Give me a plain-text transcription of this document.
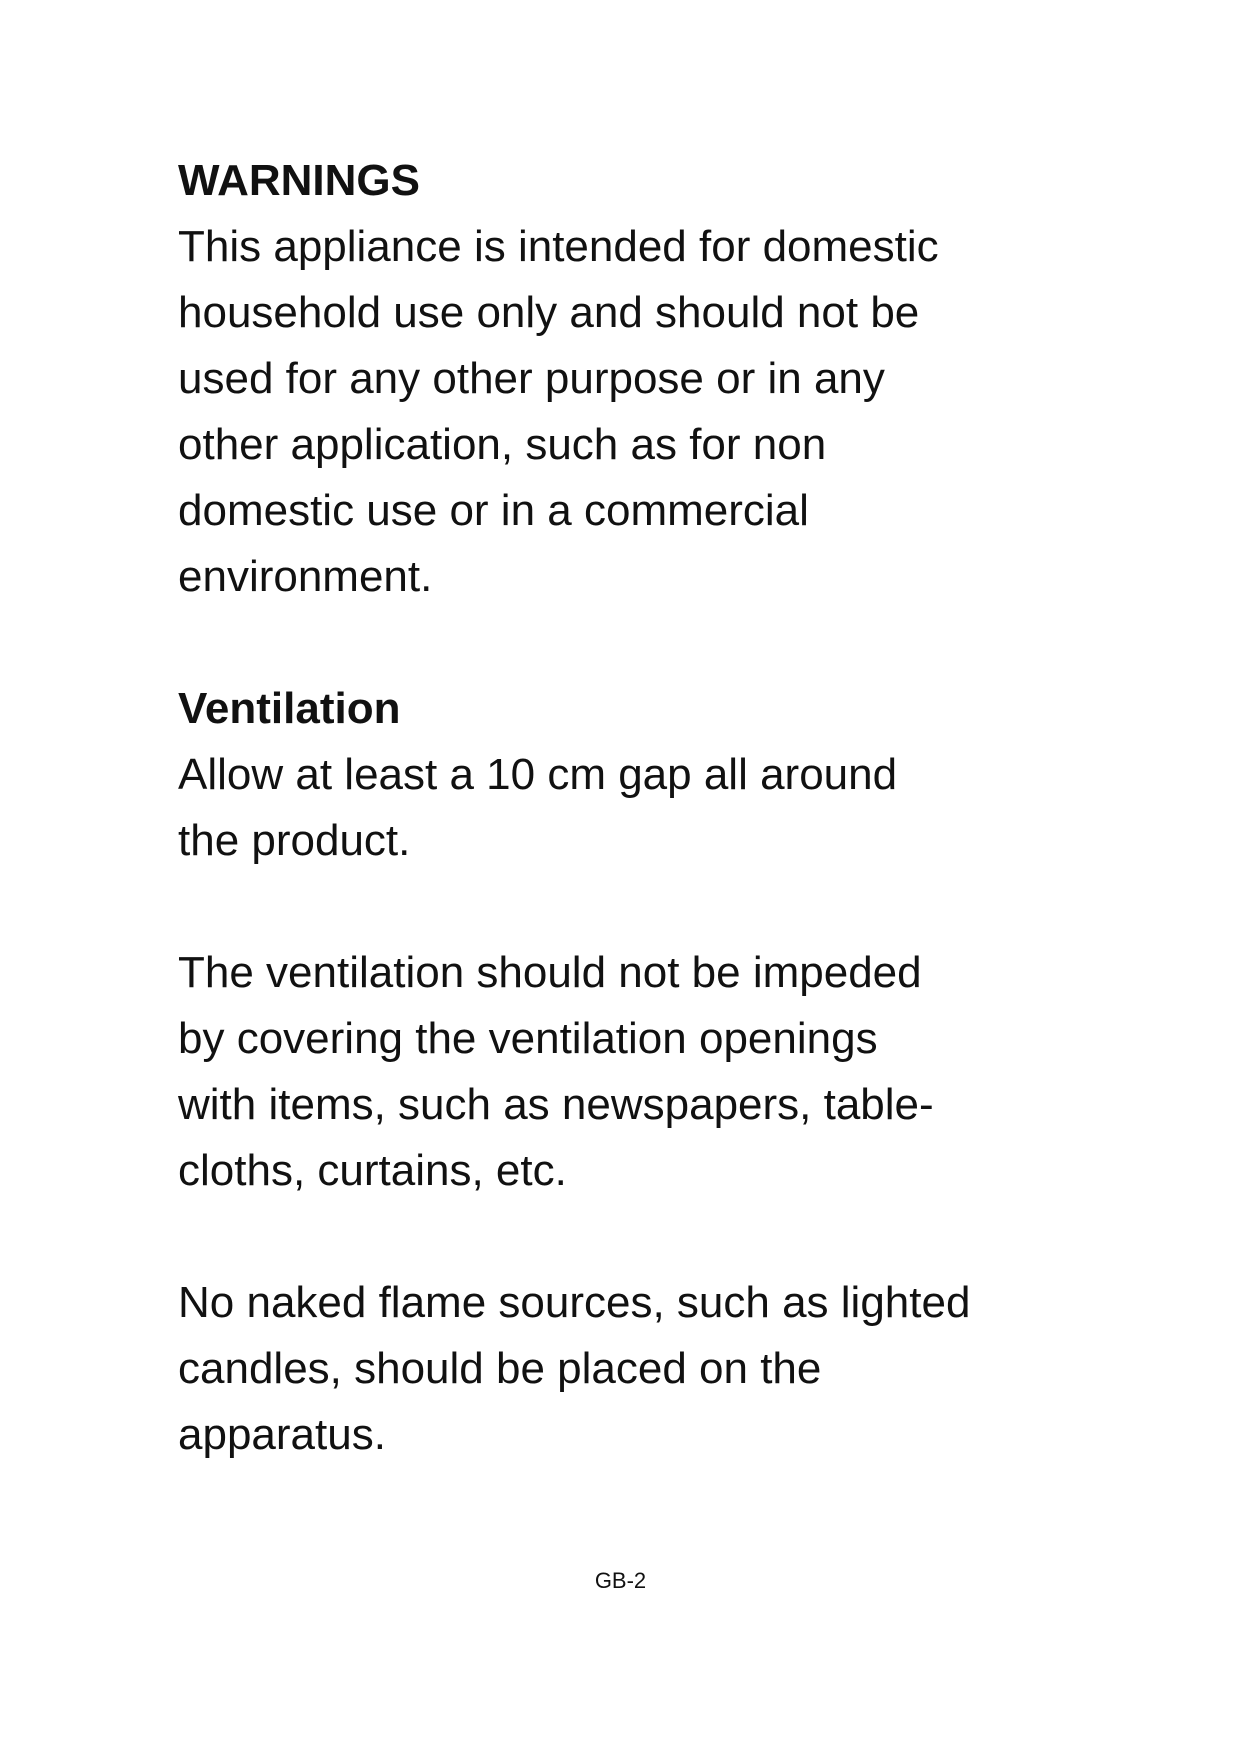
WARNINGS

This appliance is intended for domestic

household use only and should not be

used for any other purpose or in any

other application, such as for non

domestic use or in a commercial

environment.

Ventilation

Allow at least a 10 cm gap all around

the product.

The ventilation should not be impeded

by covering the ventilation openings

with items, such as newspapers, table-

cloths, curtains, etc.

No naked flame sources, such as lighted

candles, should be placed on the

apparatus.

GB-2
